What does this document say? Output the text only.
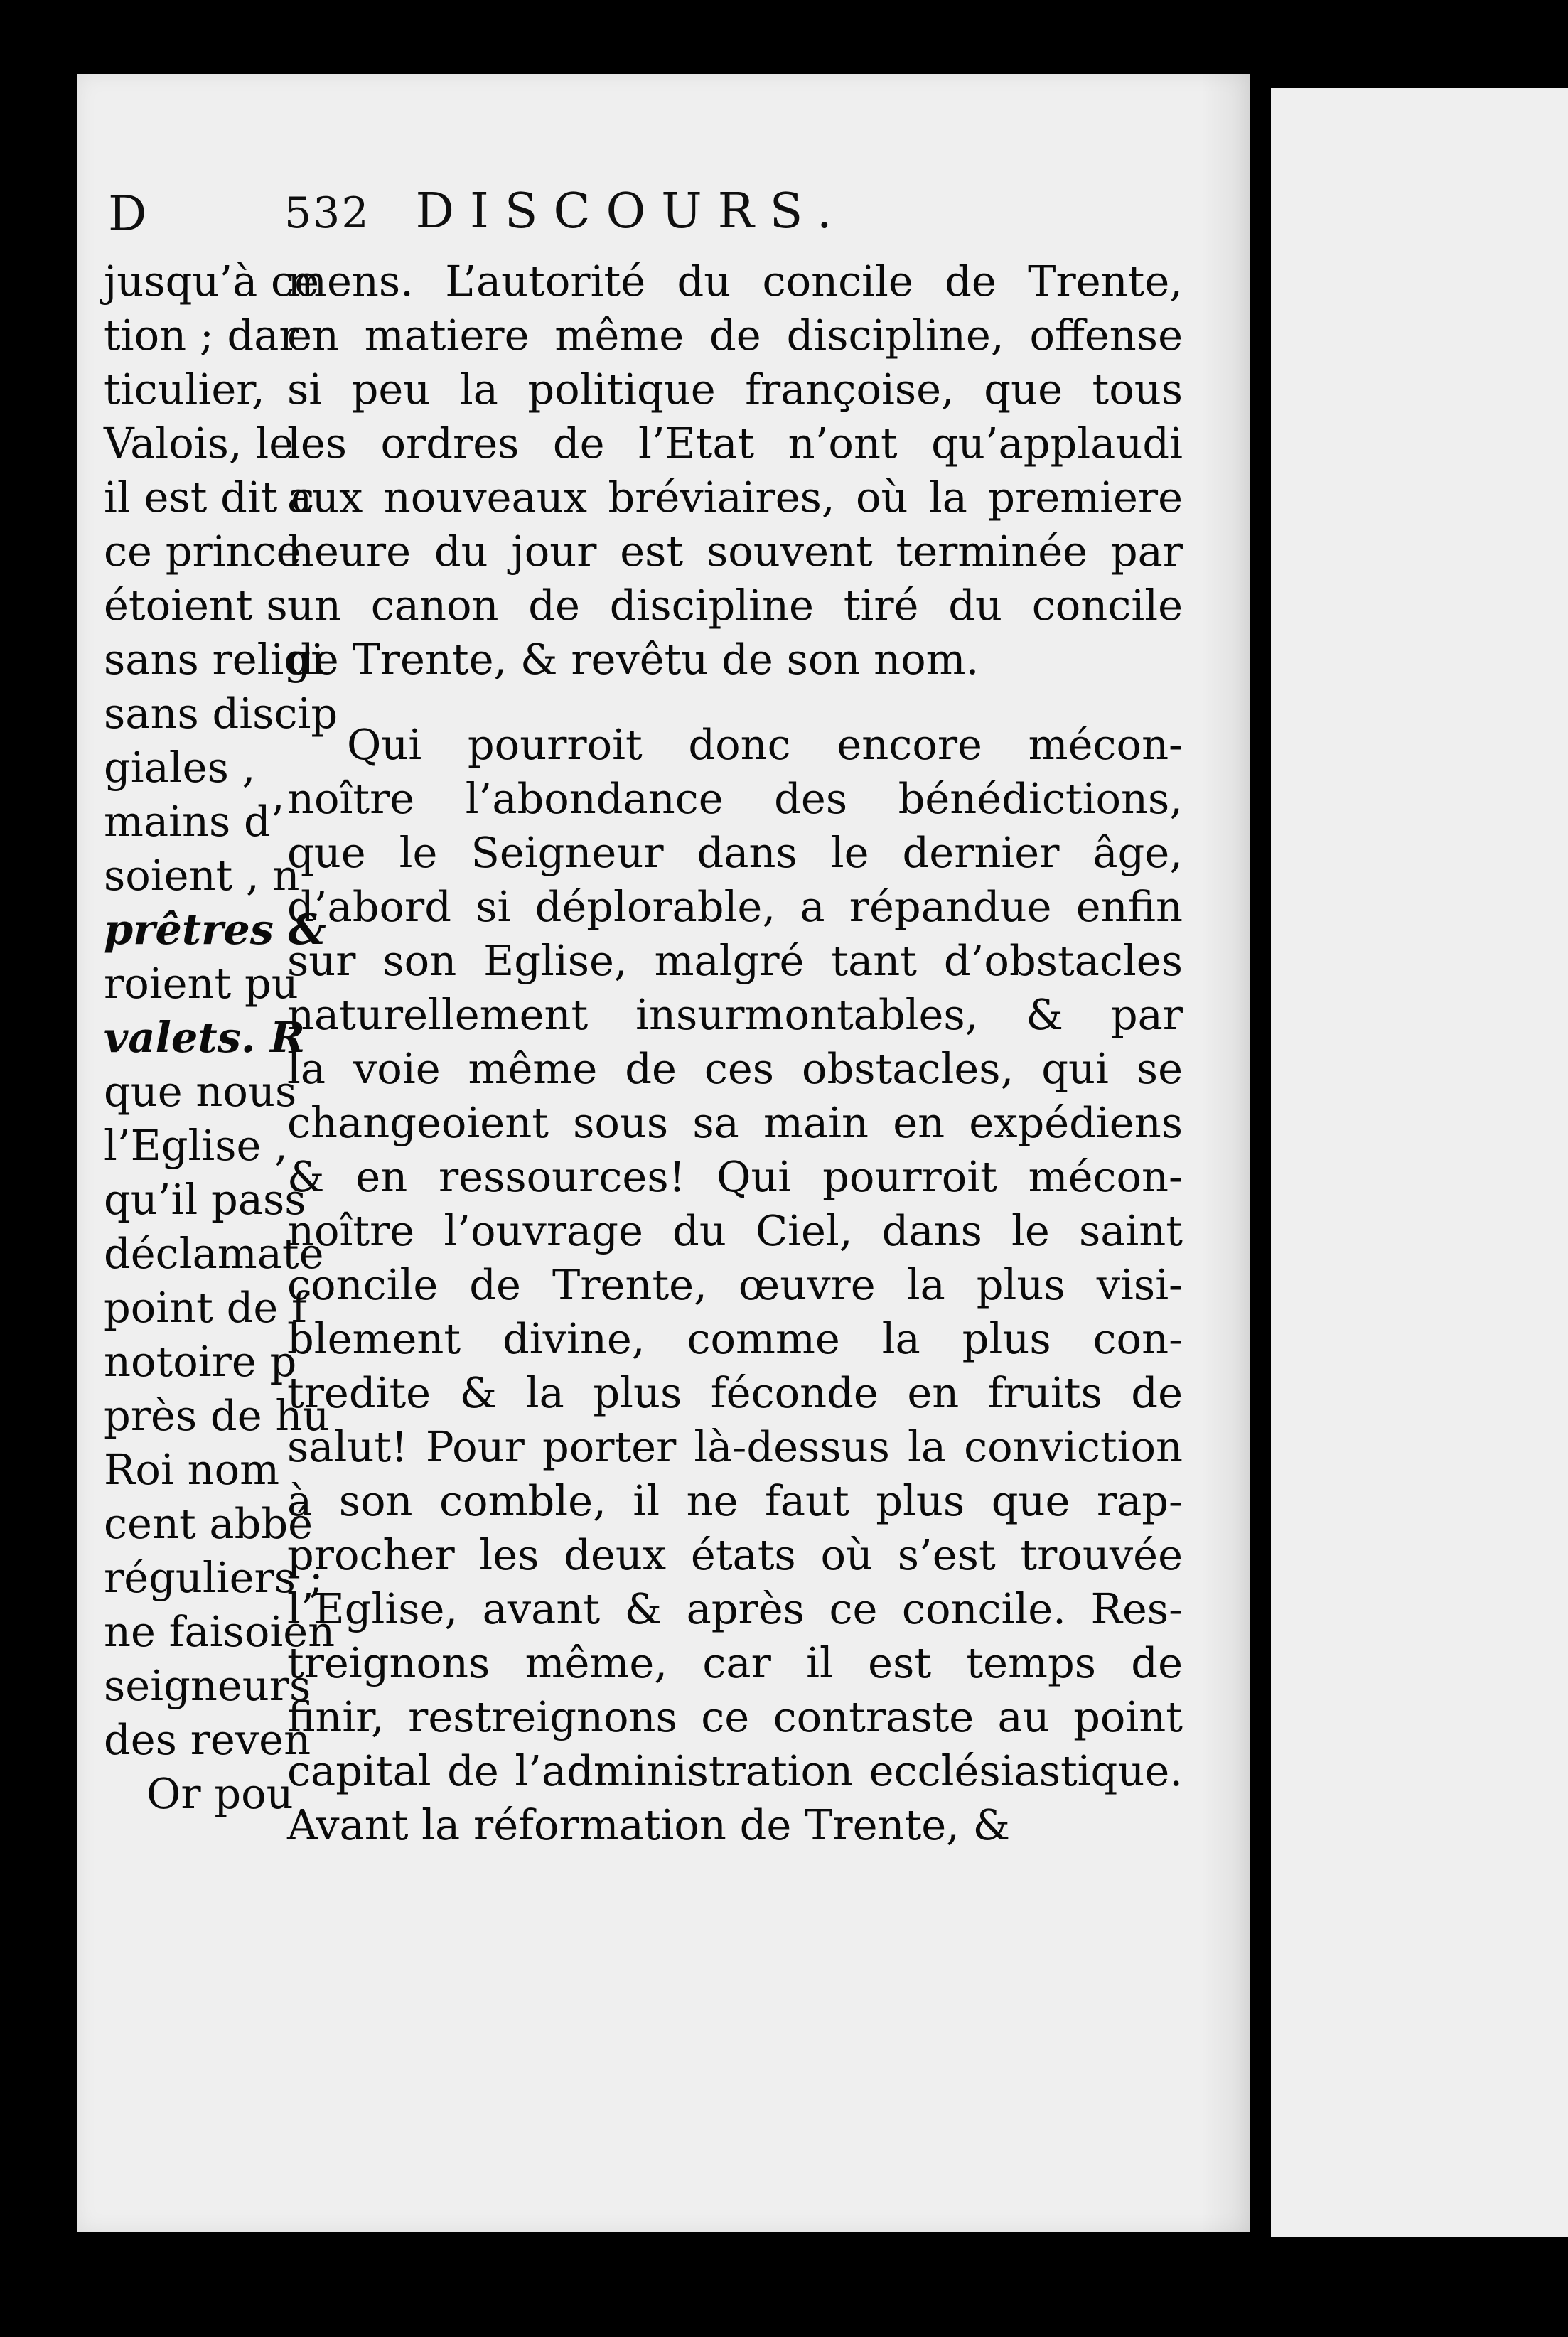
532 DISCOURS.
mens. L’autorité du concile de Trente,
en matiere même de discipline, offense
si peu la politique françoise, que tous
les ordres de l’Etat n’ont qu’applaudi
aux nouveaux bréviaires, où la premiere
heure du jour est souvent terminée par
un canon de discipline tiré du concile
de Trente, & revêtu de son nom.
Qui pourroit donc encore mécon-
noître l’abondance des bénédictions,
que le Seigneur dans le dernier âge,
d’abord si déplorable, a répandue enfin
sur son Eglise, malgré tant d’obstacles
naturellement insurmontables, & par
la voie même de ces obstacles, qui se
changeoient sous sa main en expédiens
& en ressources! Qui pourroit mécon-
noître l’ouvrage du Ciel, dans le saint
concile de Trente, œuvre la plus visi-
blement divine, comme la plus con-
tredite & la plus féconde en fruits de
salut! Pour porter là-dessus la conviction
à son comble, il ne faut plus que rap-
procher les deux états où s’est trouvée
l’Eglise, avant & après ce concile. Res-
treignons même, car il est temps de
finir, restreignons ce contraste au point
capital de l’administration ecclésiastique.
Avant la réformation de Trente, &
D
jusqu’à ce
tion ; dar
ticulier,
Valois, le
il est dit c
ce prince
étoient s
sans religi
sans discip
giales ,
mains d’
soient , n
prêtres &
roient pu
valets. R
que nous
l’Eglise ,
qu’il pass
déclamate
point de f
notoire p
près de hu
Roi nom
cent abbé
réguliers ;
ne faisoien
seigneurs
des reven
Or pou
